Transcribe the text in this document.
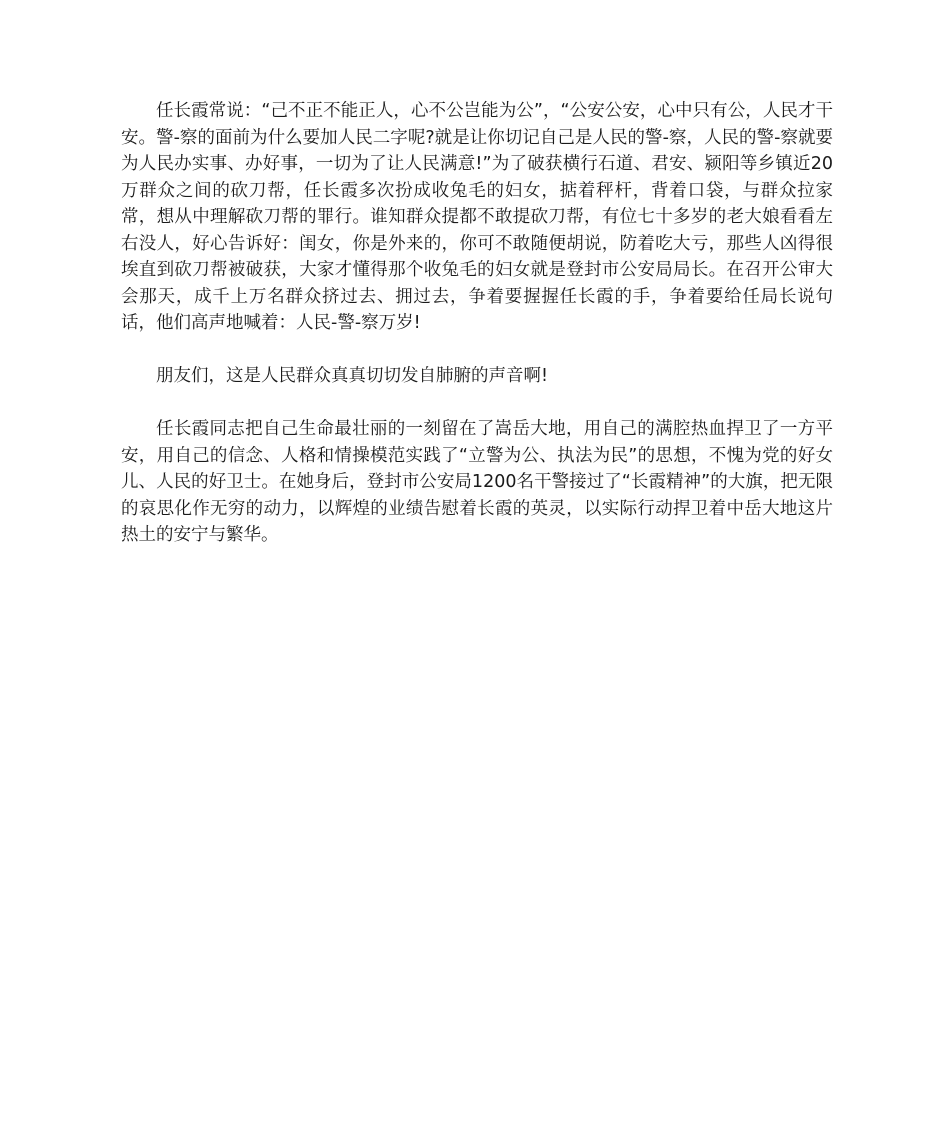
任长霞常说：“己不正不能正人，心不公岂能为公”，“公安公安，心中只有公，人民才干安。警-察的面前为什么要加人民二字呢?就是让你切记自己是人民的警-察，人民的警-察就要为人民办实事、办好事，一切为了让人民满意!”为了破获横行石道、君安、颍阳等乡镇近20万群众之间的砍刀帮，任长霞多次扮成收兔毛的妇女，掂着秤杆，背着口袋，与群众拉家常，想从中理解砍刀帮的罪行。谁知群众提都不敢提砍刀帮，有位七十多岁的老大娘看看左右没人，好心告诉好：闺女，你是外来的，你可不敢随便胡说，防着吃大亏，那些人凶得很埃直到砍刀帮被破获，大家才懂得那个收兔毛的妇女就是登封市公安局局长。在召开公审大会那天，成千上万名群众挤过去、拥过去，争着要握握任长霞的手，争着要给任局长说句话，他们高声地喊着：人民-警-察万岁!

朋友们，这是人民群众真真切切发自肺腑的声音啊!

任长霞同志把自己生命最壮丽的一刻留在了嵩岳大地，用自己的满腔热血捍卫了一方平安，用自己的信念、人格和情操模范实践了“立警为公、执法为民”的思想，不愧为党的好女儿、人民的好卫士。在她身后，登封市公安局1200名干警接过了“长霞精神”的大旗，把无限的哀思化作无穷的动力，以辉煌的业绩告慰着长霞的英灵，以实际行动捍卫着中岳大地这片热土的安宁与繁华。
